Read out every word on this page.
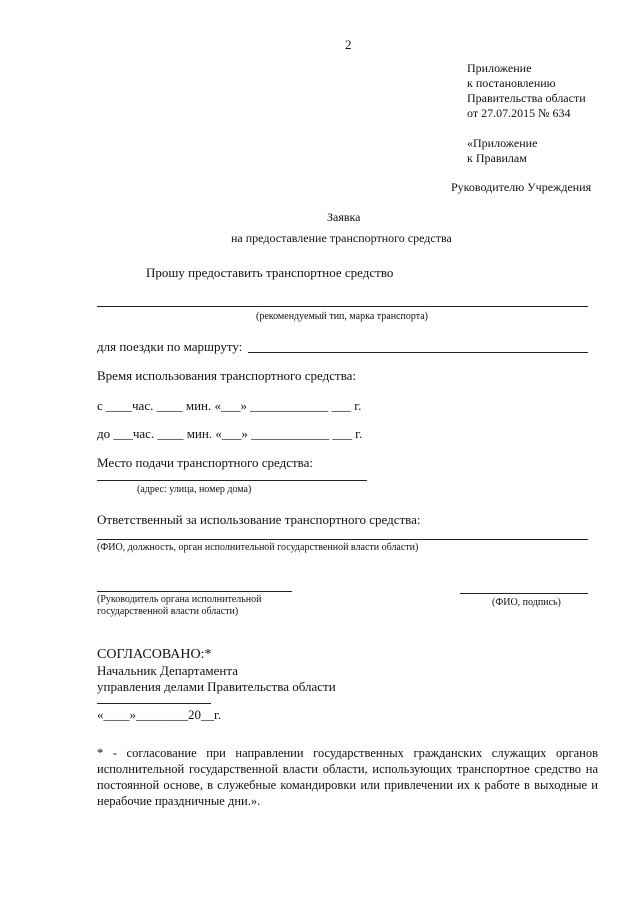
2
Приложение
к постановлению
Правительства области
от 27.07.2015 № 634
«Приложение
к Правилам
Руководителю Учреждения
Заявка
на предоставление транспортного средства
Прошу предоставить транспортное средство
(рекомендуемый тип, марка транспорта)
для поездки по маршруту:
Время использования транспортного средства:
с ____час. ____ мин. «___» ____________ ___ г.
до ___час. ____ мин. «___» ____________ ___ г.
Место подачи транспортного средства:
(адрес: улица, номер дома)
Ответственный за использование транспортного средства:
(ФИО, должность, орган исполнительной государственной власти области)
(Руководитель органа исполнительной
государственной власти области)
(ФИО, подпись)
СОГЛАСОВАНО:*
Начальник Департамента
управления делами Правительства области
«____»________20__г.
* - согласование при направлении государственных гражданских служащих органов исполнительной государственной власти области, использующих транспортное средство на постоянной основе, в служебные командировки или привлечении их к работе в выходные и нерабочие праздничные дни.».
